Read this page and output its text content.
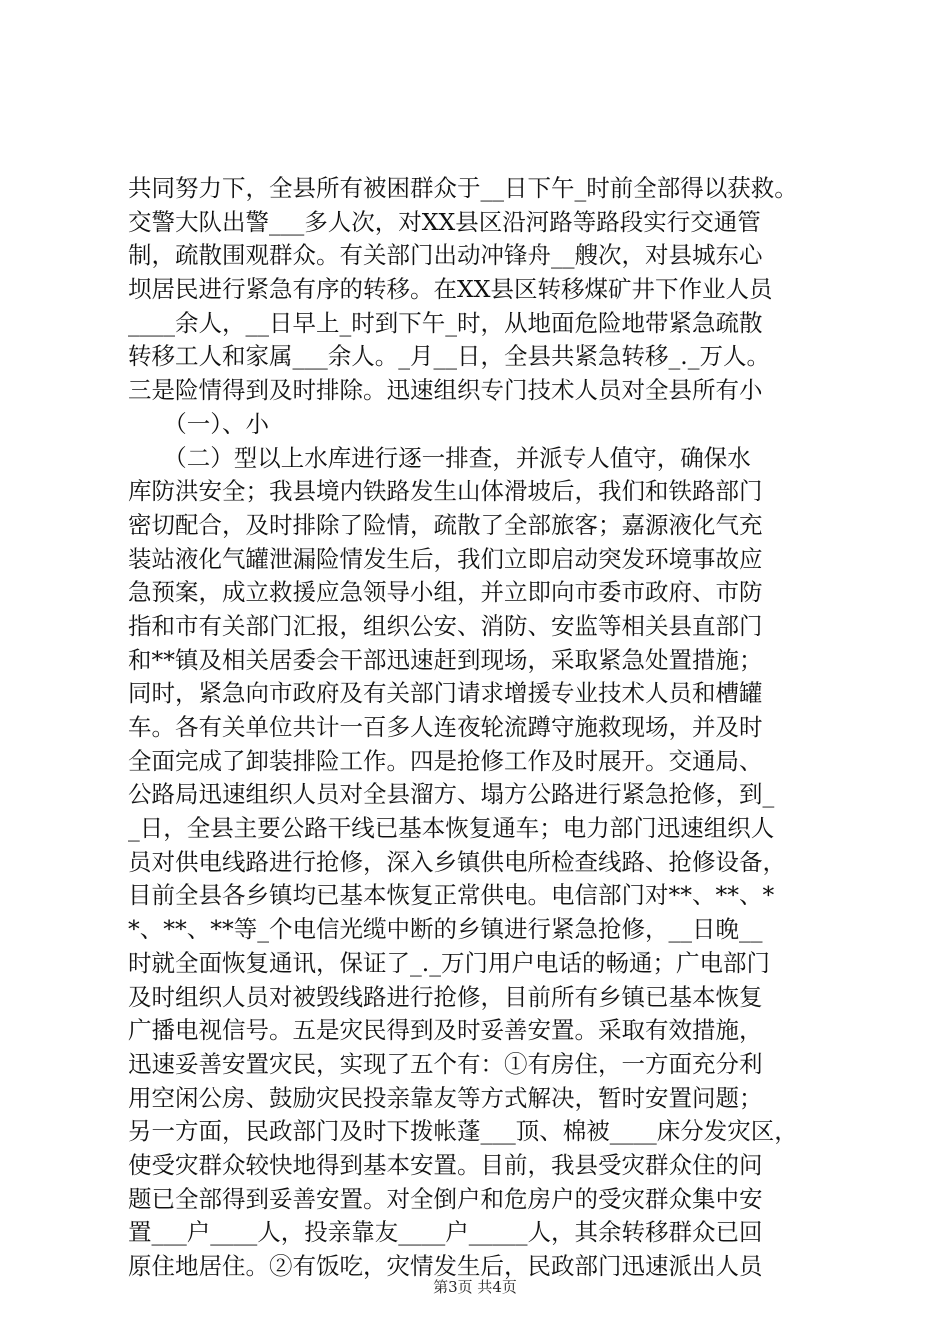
共同努力下，全县所有被困群众于__日下午_时前全部得以获救。
交警大队出警___多人次，对XX县区沿河路等路段实行交通管
制，疏散围观群众。有关部门出动冲锋舟__艘次，对县城东心
坝居民进行紧急有序的转移。在XX县区转移煤矿井下作业人员
____余人，__日早上_时到下午_时，从地面危险地带紧急疏散
转移工人和家属___余人。_月__日，全县共紧急转移_._万人。
三是险情得到及时排除。迅速组织专门技术人员对全县所有小
　　（一）、小
　　（二）型以上水库进行逐一排查，并派专人值守，确保水
库防洪安全；我县境内铁路发生山体滑坡后，我们和铁路部门
密切配合，及时排除了险情，疏散了全部旅客；嘉源液化气充
装站液化气罐泄漏险情发生后，我们立即启动突发环境事故应
急预案，成立救援应急领导小组，并立即向市委市政府、市防
指和市有关部门汇报，组织公安、消防、安监等相关县直部门
和**镇及相关居委会干部迅速赶到现场，采取紧急处置措施；
同时，紧急向市政府及有关部门请求增援专业技术人员和槽罐
车。各有关单位共计一百多人连夜轮流蹲守施救现场，并及时
全面完成了卸装排险工作。四是抢修工作及时展开。交通局、
公路局迅速组织人员对全县溜方、塌方公路进行紧急抢修，到_
_日，全县主要公路干线已基本恢复通车；电力部门迅速组织人
员对供电线路进行抢修，深入乡镇供电所检查线路、抢修设备，
目前全县各乡镇均已基本恢复正常供电。电信部门对**、**、*
*、**、**等_个电信光缆中断的乡镇进行紧急抢修，__日晚__
时就全面恢复通讯，保证了_._万门用户电话的畅通；广电部门
及时组织人员对被毁线路进行抢修，目前所有乡镇已基本恢复
广播电视信号。五是灾民得到及时妥善安置。采取有效措施，
迅速妥善安置灾民，实现了五个有：①有房住，一方面充分利
用空闲公房、鼓励灾民投亲靠友等方式解决，暂时安置问题；
另一方面，民政部门及时下拨帐蓬___顶、棉被____床分发灾区，
使受灾群众较快地得到基本安置。目前，我县受灾群众住的问
题已全部得到妥善安置。对全倒户和危房户的受灾群众集中安
置___户____人，投亲靠友____户_____人，其余转移群众已回
原住地居住。②有饭吃，灾情发生后，民政部门迅速派出人员
第3页 共4页
